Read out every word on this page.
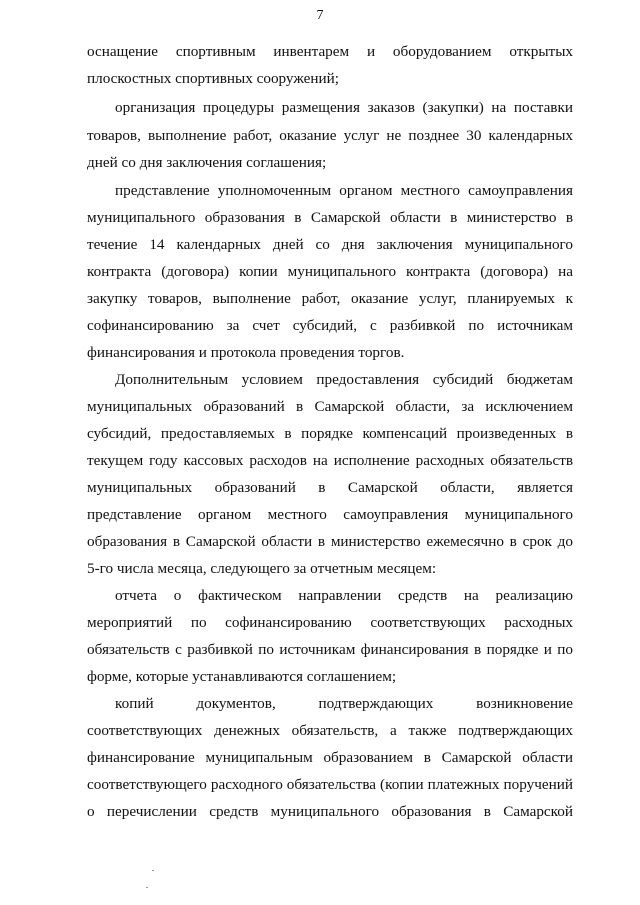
7
оснащение спортивным инвентарем и оборудованием открытых
плоскостных спортивных сооружений;
организация процедуры размещения заказов (закупки) на поставки
товаров, выполнение работ, оказание услуг не позднее 30 календарных
дней со дня заключения соглашения;
представление уполномоченным органом местного самоуправления
муниципального образования в Самарской области в министерство в
течение 14 календарных дней со дня заключения муниципального
контракта (договора) копии муниципального контракта (договора) на
закупку товаров, выполнение работ, оказание услуг, планируемых к
софинансированию за счет субсидий, с разбивкой по источникам
финансирования и протокола проведения торгов.
Дополнительным условием предоставления субсидий бюджетам
муниципальных образований в Самарской области, за исключением
субсидий, предоставляемых в порядке компенсаций произведенных в
текущем году кассовых расходов на исполнение расходных обязательств
муниципальных образований в Самарской области, является
представление органом местного самоуправления муниципального
образования в Самарской области в министерство ежемесячно в срок до
5-го числа месяца, следующего за отчетным месяцем:
отчета о фактическом направлении средств на реализацию
мероприятий по софинансированию соответствующих расходных
обязательств с разбивкой по источникам финансирования в порядке и по
форме, которые устанавливаются соглашением;
копий документов, подтверждающих возникновение
соответствующих денежных обязательств, а также подтверждающих
финансирование муниципальным образованием в Самарской области
соответствующего расходного обязательства (копии платежных поручений
о перечислении средств муниципального образования в Самарской
